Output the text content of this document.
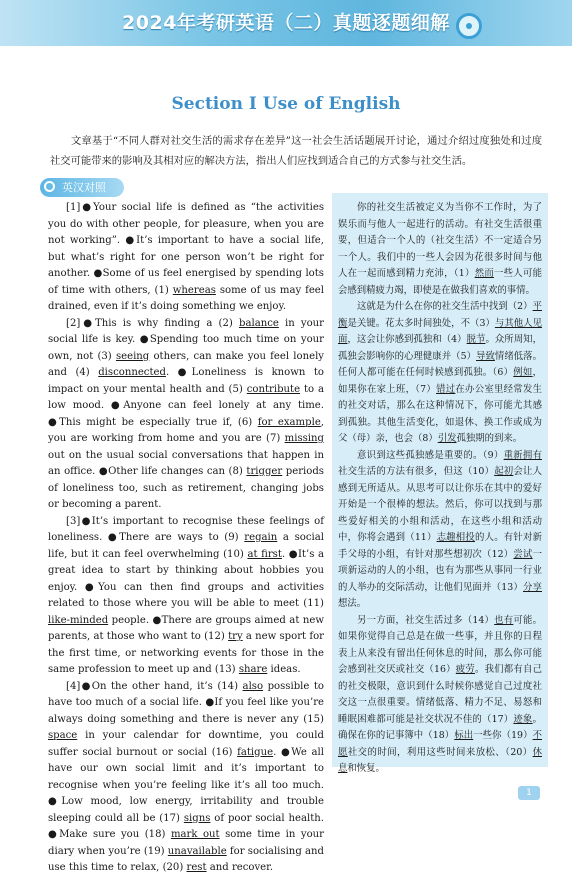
2024年考研英语（二）真题逐题细解
Section Ⅰ Use of English
文章基于“不同人群对社交生活的需求存在差异”这一社会生活话题展开讨论，通过介绍过度独处和过度社交可能带来的影响及其相对应的解决方法，指出人们应找到适合自己的方式参与社交生活。
英汉对照

[1]●Your social life is defined as “the activities you do with other people, for pleasure, when you are not working”. ●It’s important to have a social life, but what’s right for one person won’t be right for another. ●Some of us feel energised by spending lots of time with others, (1) whereas some of us may feel drained, even if it’s doing something we enjoy.

[2]●This is why finding a (2) balance in your social life is key. ●Spending too much time on your own, not (3) seeing others, can make you feel lonely and (4) disconnected. ●Loneliness is known to impact on your mental health and (5) contribute to a low mood. ●Anyone can feel lonely at any time. ●This might be especially true if, (6) for example, you are working from home and you are (7) missing out on the usual social conversations that happen in an office. ●Other life changes can (8) trigger periods of loneliness too, such as retirement, changing jobs or becoming a parent.

[3]●It’s important to recognise these feelings of loneliness. ●There are ways to (9) regain a social life, but it can feel overwhelming (10) at first. ●It’s a great idea to start by thinking about hobbies you enjoy. ●You can then find groups and activities related to those where you will be able to meet (11) like-minded people. ●There are groups aimed at new parents, at those who want to (12) try a new sport for the first time, or networking events for those in the same profession to meet up and (13) share ideas.

[4]●On the other hand, it’s (14) also possible to have too much of a social life. ●If you feel like you’re always doing something and there is never any (15) space in your calendar for downtime, you could suffer social burnout or social (16) fatigue. ●We all have our own social limit and it’s important to recognise when you’re feeling like it’s all too much. ●Low mood, low energy, irritability and trouble sleeping could all be (17) signs of poor social health. ●Make sure you (18) mark out some time in your diary when you’re (19) unavailable for socialising and use this time to relax, (20) rest and recover.

你的社交生活被定义为当你不工作时，为了娱乐而与他人一起进行的活动。有社交生活很重要，但适合一个人的（社交生活）不一定适合另一个人。我们中的一些人会因为花很多时间与他人在一起而感到精力充沛，（1）然而一些人可能会感到精疲力竭，即使是在做我们喜欢的事情。

这就是为什么在你的社交生活中找到（2）平衡是关键。花太多时间独处，不（3）与其他人见面，这会让你感到孤独和（4）脱节。众所周知，孤独会影响你的心理健康并（5）导致情绪低落。任何人都可能在任何时候感到孤独。（6）例如，如果你在家上班，（7）错过在办公室里经常发生的社交对话，那么在这种情况下，你可能尤其感到孤独。其他生活变化，如退休、换工作或成为父（母）亲，也会（8）引发孤独期的到来。

意识到这些孤独感是重要的。（9）重新拥有社交生活的方法有很多，但这（10）起初会让人感到无所适从。从思考可以让你乐在其中的爱好开始是一个很棒的想法。然后，你可以找到与那些爱好相关的小组和活动，在这些小组和活动中，你将会遇到（11）志趣相投的人。有针对新手父母的小组，有针对那些想初次（12）尝试一项新运动的人的小组，也有为那些从事同一行业的人举办的交际活动，让他们见面并（13）分享想法。

另一方面，社交生活过多（14）也有可能。如果你觉得自己总是在做一些事，并且你的日程表上从来没有留出任何休息的时间，那么你可能会感到社交厌或社交（16）疲劳。我们都有自己的社交极限，意识到什么时候你感觉自己过度社交这一点很重要。情绪低落、精力不足、易怒和睡眠困难都可能是社交状况不佳的（17）迹象。确保在你的记事簿中（18）标出一些你（19）不愿社交的时间，利用这些时间来放松、（20）休息和恢复。

1
